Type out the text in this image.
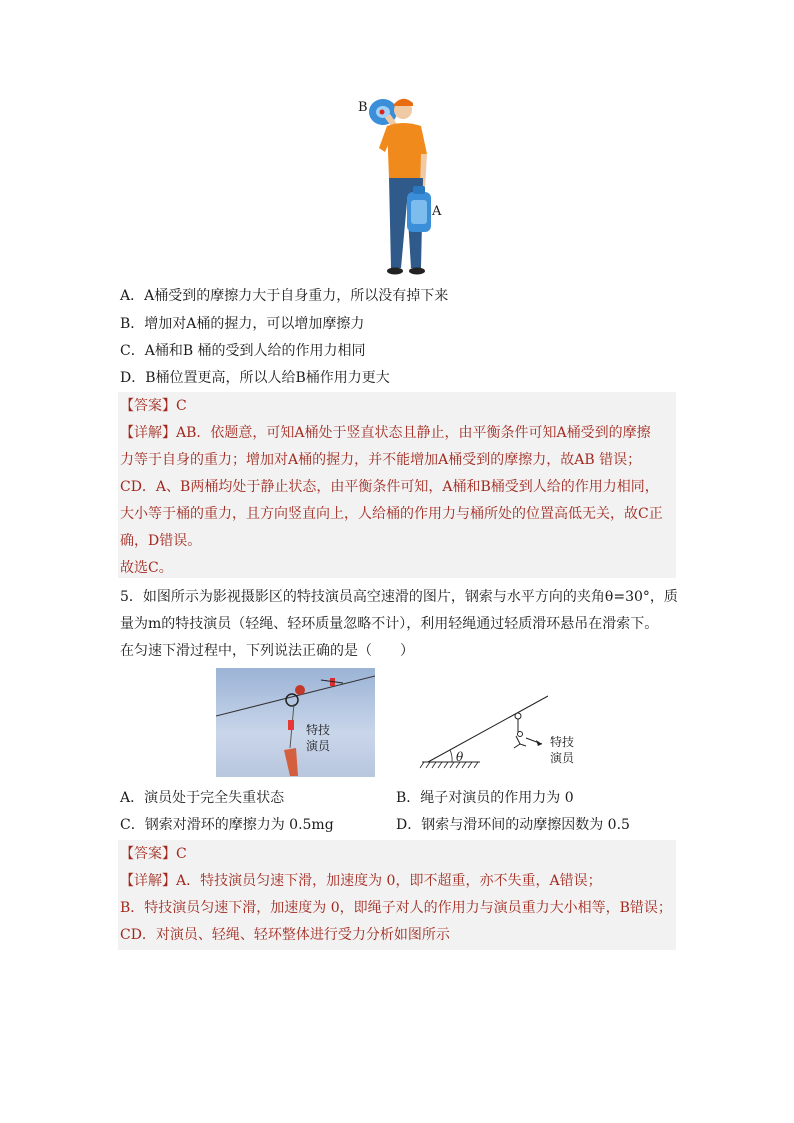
B
A
A．A桶受到的摩擦力大于自身重力，所以没有掉下来
B．增加对A桶的握力，可以增加摩擦力
C．A桶和B 桶的受到人给的作用力相同
D．B桶位置更高，所以人给B桶作用力更大
【答案】C
【详解】AB．依题意，可知A桶处于竖直状态且静止，由平衡条件可知A桶受到的摩擦
力等于自身的重力；增加对A桶的握力，并不能增加A桶受到的摩擦力，故AB 错误；
CD．A、B两桶均处于静止状态，由平衡条件可知，A桶和B桶受到人给的作用力相同，
大小等于桶的重力，且方向竖直向上，人给桶的作用力与桶所处的位置高低无关，故C正
确，D错误。
故选C。
5．如图所示为影视摄影区的特技演员高空速滑的图片，钢索与水平方向的夹角θ=30°，质
量为m的特技演员（轻绳、轻环质量忽略不计），利用轻绳通过轻质滑环悬吊在滑索下。
在匀速下滑过程中，下列说法正确的是（　　）
特技
演员
θ
特技
演员
A．演员处于完全失重状态	B．绳子对演员的作用力为 0
C．钢索对滑环的摩擦力为 0.5mg	D．钢索与滑环间的动摩擦因数为 0.5
【答案】C
【详解】A．特技演员匀速下滑，加速度为 0，即不超重，亦不失重，A错误；
B．特技演员匀速下滑，加速度为 0，即绳子对人的作用力与演员重力大小相等，B错误；
CD．对演员、轻绳、轻环整体进行受力分析如图所示
